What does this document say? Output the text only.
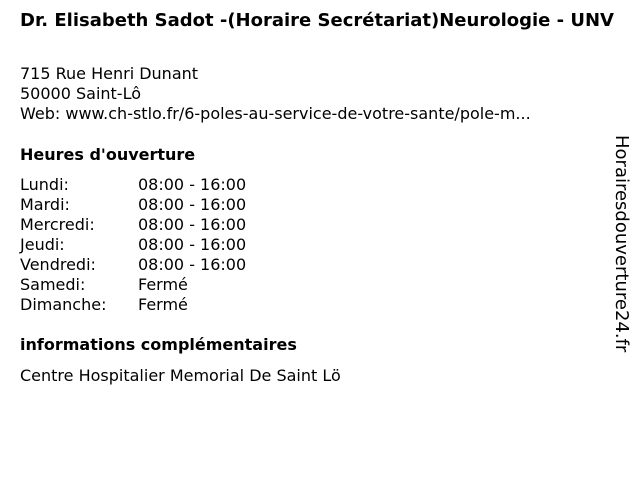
Dr. Elisabeth Sadot -(Horaire Secrétariat)Neurologie - UNV
715 Rue Henri Dunant
50000 Saint-Lô
Web: www.ch-stlo.fr/6-poles-au-service-de-votre-sante/pole-m...
Heures d'ouverture
Lundi:	08:00 - 16:00
Mardi:	08:00 - 16:00
Mercredi:	08:00 - 16:00
Jeudi:	08:00 - 16:00
Vendredi:	08:00 - 16:00
Samedi:	Fermé
Dimanche: Fermé
informations complémentaires
Centre Hospitalier Memorial De Saint Lö
Horairesdouverture24.fr
